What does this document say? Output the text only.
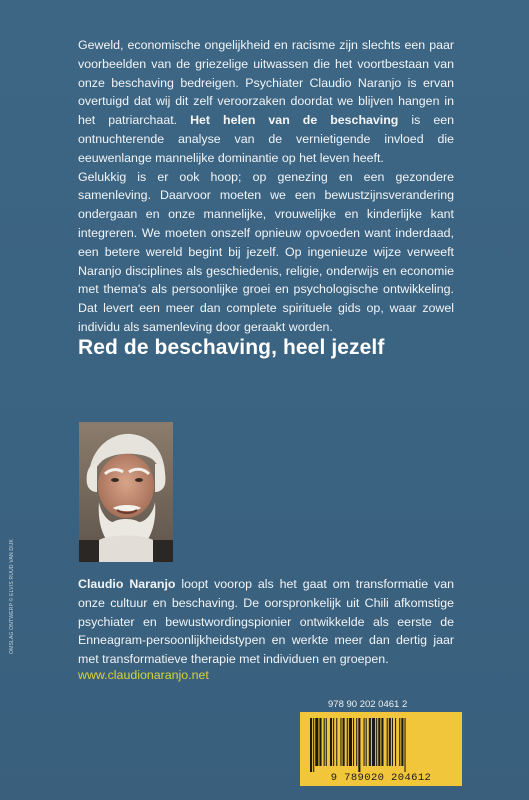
Geweld, economische ongelijkheid en racisme zijn slechts een paar voorbeelden van de griezelige uitwassen die het voortbestaan van onze beschaving bedreigen. Psychiater Claudio Naranjo is ervan overtuigd dat wij dit zelf veroorzaken doordat we blijven hangen in het patriarchaat. Het helen van de beschaving is een ontnuchterende analyse van de vernietigende invloed die eeuwenlange mannelijke dominantie op het leven heeft.

Gelukkig is er ook hoop; op genezing en een gezondere samenleving. Daarvoor moeten we een bewustzijnsverandering ondergaan en onze mannelijke, vrouwelijke en kinderlijke kant integreren. We moeten onszelf opnieuw opvoeden want inderdaad, een betere wereld begint bij jezelf. Op ingenieuze wijze verweeft Naranjo disciplines als geschiedenis, religie, onderwijs en economie met thema's als persoonlijke groei en psychologische ontwikkeling. Dat levert een meer dan complete spirituele gids op, waar zowel individu als samenleving door geraakt worden.

Red de beschaving, heel jezelf

Claudio Naranjo loopt voorop als het gaat om transformatie van onze cultuur en beschaving. De oorspronkelijk uit Chili afkomstige psychiater en bewustwordingspionier ontwikkelde als eerste de Enneagram-persoonlijkheidstypen en werkte meer dan dertig jaar met transformatieve therapie met individuen en groepen.

www.claudionaranjo.net
OMSLAG ONTWERP © ELVIS RUUD VAN DIJK
978 90 202 0461 2
9 789020 204612
